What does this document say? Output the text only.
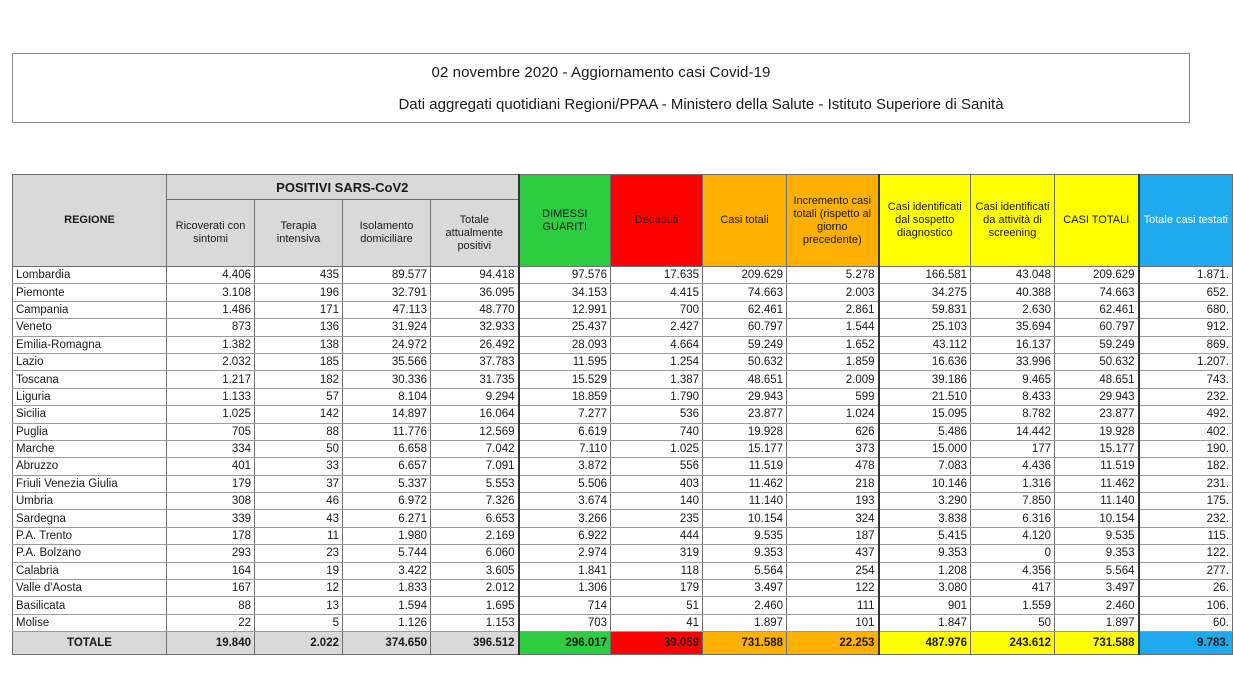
02 novembre 2020 - Aggiornamento casi Covid-19
Dati aggregati quotidiani Regioni/PPAA - Ministero della Salute - Istituto Superiore di Sanità
REGIONE	POSITIVI SARS-CoV2				DIMESSI GUARITI	Deceduti	Casi totali	Incremento casi totali (rispetto al giorno precedente)	Casi identificati dal sospetto diagnostico	Casi identificati da attività di screening	CASI TOTALI	Totale casi testati
	Ricoverati con sintomi	Terapia intensiva	Isolamento domiciliare	Totale attualmente positivi								
Lombardia	4.406	435	89.577	94.418	97.576	17.635	209.629	5.278	166.581	43.048	209.629	1.871.
Piemonte	3.108	196	32.791	36.095	34.153	4.415	74.663	2.003	34.275	40.388	74.663	652.
Campania	1.486	171	47.113	48.770	12.991	700	62.461	2.861	59.831	2.630	62.461	680.
Veneto	873	136	31.924	32.933	25.437	2.427	60.797	1.544	25.103	35.694	60.797	912.
Emilia-Romagna	1.382	138	24.972	26.492	28.093	4.664	59.249	1.652	43.112	16.137	59.249	869.
Lazio	2.032	185	35.566	37.783	11.595	1.254	50.632	1.859	16.636	33.996	50.632	1.207.
Toscana	1.217	182	30.336	31.735	15.529	1.387	48.651	2.009	39.186	9.465	48.651	743.
Liguria	1.133	57	8.104	9.294	18.859	1.790	29.943	599	21.510	8.433	29.943	232.
Sicilia	1.025	142	14.897	16.064	7.277	536	23.877	1.024	15.095	8.782	23.877	492.
Puglia	705	88	11.776	12.569	6.619	740	19.928	626	5.486	14.442	19.928	402.
Marche	334	50	6.658	7.042	7.110	1.025	15.177	373	15.000	177	15.177	190.
Abruzzo	401	33	6.657	7.091	3.872	556	11.519	478	7.083	4.436	11.519	182.
Friuli Venezia Giulia	179	37	5.337	5.553	5.506	403	11.462	218	10.146	1.316	11.462	231.
Umbria	308	46	6.972	7.326	3.674	140	11.140	193	3.290	7.850	11.140	175.
Sardegna	339	43	6.271	6.653	3.266	235	10.154	324	3.838	6.316	10.154	232.
P.A. Trento	178	11	1.980	2.169	6.922	444	9.535	187	5.415	4.120	9.535	115.
P.A. Bolzano	293	23	5.744	6.060	2.974	319	9.353	437	9.353	0	9.353	122.
Calabria	164	19	3.422	3.605	1.841	118	5.564	254	1.208	4.356	5.564	277.
Valle d'Aosta	167	12	1.833	2.012	1.306	179	3.497	122	3.080	417	3.497	26.
Basilicata	88	13	1.594	1.695	714	51	2.460	111	901	1.559	2.460	106.
Molise	22	5	1.126	1.153	703	41	1.897	101	1.847	50	1.897	60.
TOTALE	19.840	2.022	374.650	396.512	296.017	39.059	731.588	22.253	487.976	243.612	731.588	9.783.
